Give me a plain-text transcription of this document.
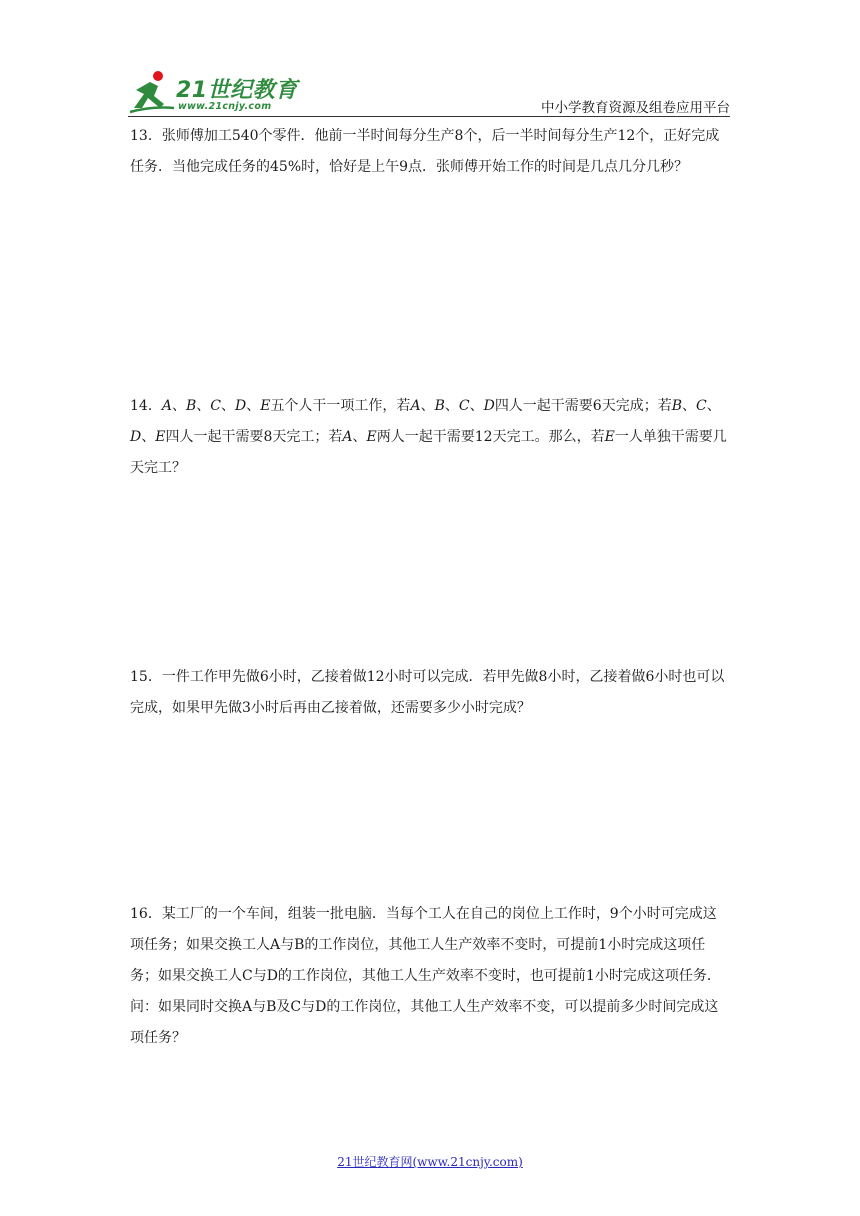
21世纪教育
www.21cnjy.com	中小学教育资源及组卷应用平台

13．张师傅加工540个零件．他前一半时间每分生产8个，后一半时间每分生产12个，正好完成任务．当他完成任务的45%时，恰好是上午9点．张师傅开始工作的时间是几点几分几秒？

14．A、B、C、D、E五个人干一项工作，若A、B、C、D四人一起干需要6天完成；若B、C、D、E四人一起干需要8天完工；若A、E两人一起干需要12天完工。那么，若E一人单独干需要几天完工？

15．一件工作甲先做6小时，乙接着做12小时可以完成．若甲先做8小时，乙接着做6小时也可以完成，如果甲先做3小时后再由乙接着做，还需要多少小时完成？

16．某工厂的一个车间，组装一批电脑．当每个工人在自己的岗位上工作时，9个小时可完成这项任务；如果交换工人A与B的工作岗位，其他工人生产效率不变时，可提前1小时完成这项任务；如果交换工人C与D的工作岗位，其他工人生产效率不变时，也可提前1小时完成这项任务．问：如果同时交换A与B及C与D的工作岗位，其他工人生产效率不变，可以提前多少时间完成这项任务？

21世纪教育网(www.21cnjy.com)
